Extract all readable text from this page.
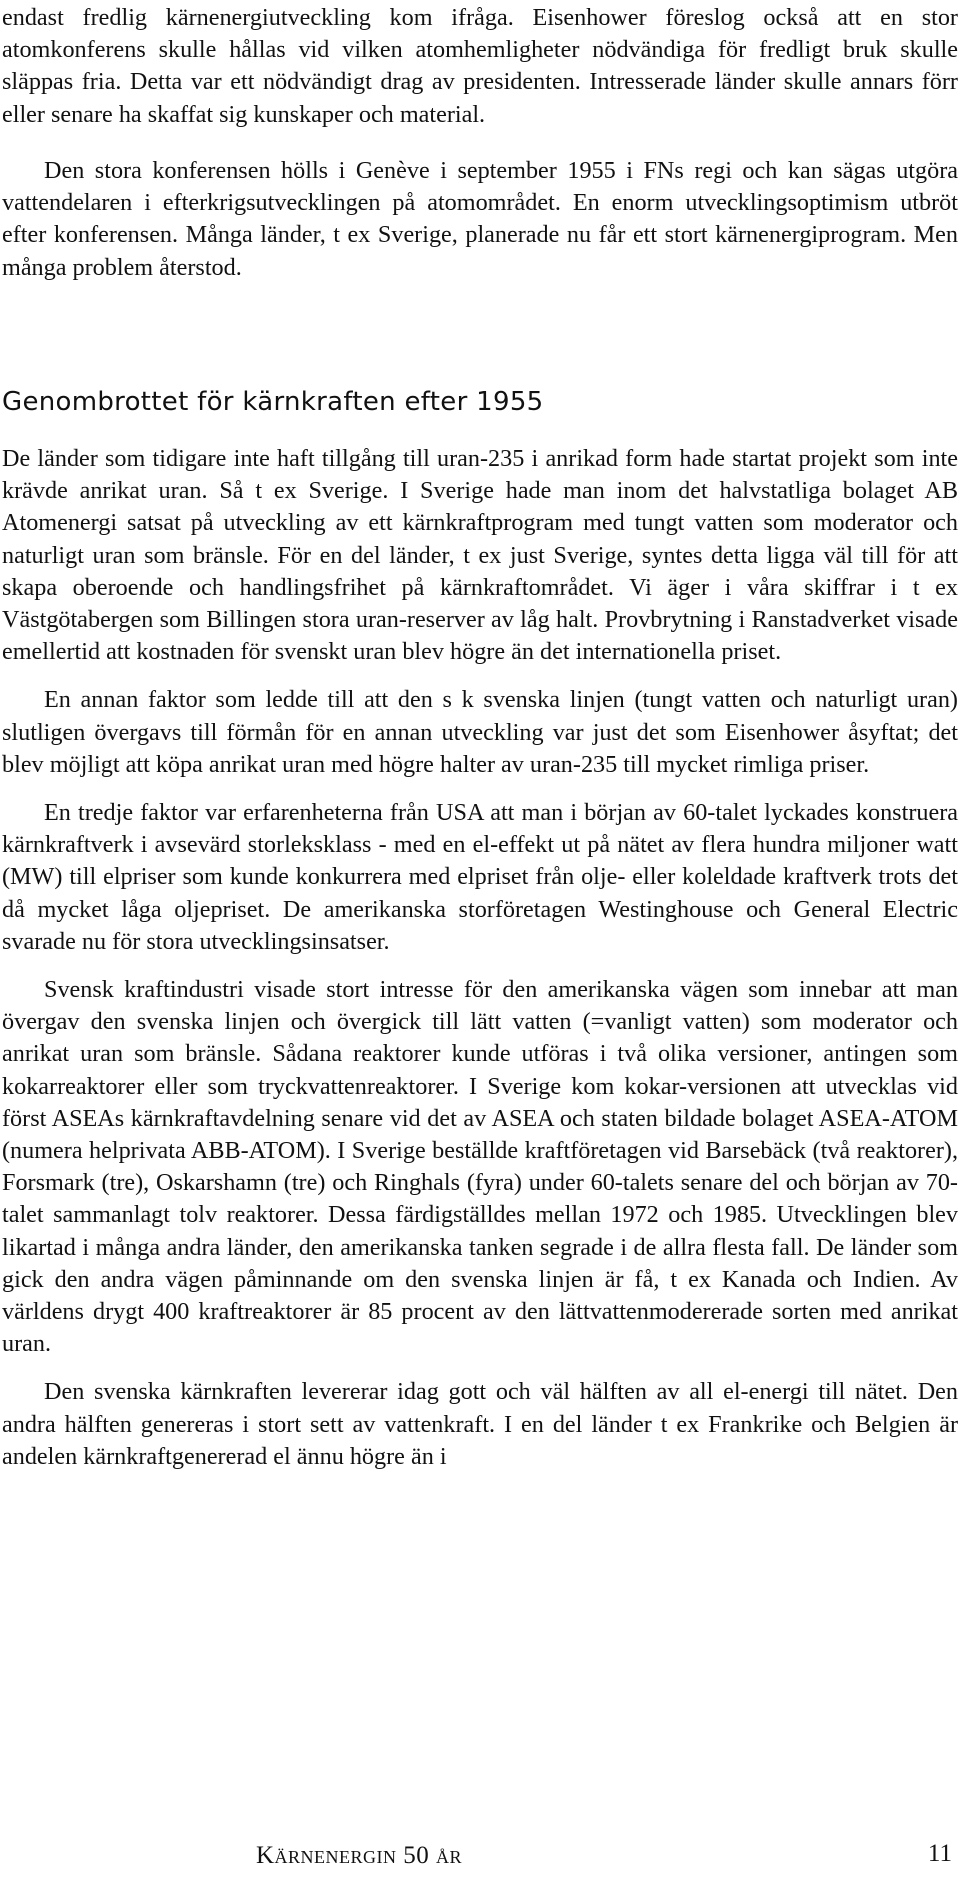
endast fredlig kärnenergiutveckling kom ifråga. Eisenhower föreslog också att en stor atomkonferens skulle hållas vid vilken atomhemligheter nödvändiga för fredligt bruk skulle släppas fria. Detta var ett nödvändigt drag av presidenten. Intresserade länder skulle annars förr eller senare ha skaffat sig kunskaper och material.

Den stora konferensen hölls i Genève i september 1955 i FNs regi och kan sägas utgöra vattendelaren i efterkrigsutvecklingen på atomområdet. En enorm utvecklingsoptimism utbröt efter konferensen. Många länder, t ex Sverige, planerade nu får ett stort kärnenergiprogram. Men många problem återstod.

Genombrottet för kärnkraften efter 1955

De länder som tidigare inte haft tillgång till uran-235 i anrikad form hade startat projekt som inte krävde anrikat uran. Så t ex Sverige. I Sverige hade man inom det halvstatliga bolaget AB Atomenergi satsat på utveckling av ett kärnkraftprogram med tungt vatten som moderator och naturligt uran som bränsle. För en del länder, t ex just Sverige, syntes detta ligga väl till för att skapa oberoende och handlingsfrihet på kärnkraftområdet. Vi äger i våra skiffrar i t ex Västgötabergen som Billingen stora uran-reserver av låg halt. Provbrytning i Ranstadverket visade emellertid att kostnaden för svenskt uran blev högre än det internationella priset.

En annan faktor som ledde till att den s k svenska linjen (tungt vatten och naturligt uran) slutligen övergavs till förmån för en annan utveckling var just det som Eisenhower åsyftat; det blev möjligt att köpa anrikat uran med högre halter av uran-235 till mycket rimliga priser.

En tredje faktor var erfarenheterna från USA att man i början av 60-talet lyckades konstruera kärnkraftverk i avsevärd storleksklass - med en el-effekt ut på nätet av flera hundra miljoner watt (MW) till elpriser som kunde konkurrera med elpriset från olje- eller koleldade kraftverk trots det då mycket låga oljepriset. De amerikanska storföretagen Westinghouse och General Electric svarade nu för stora utvecklingsinsatser.

Svensk kraftindustri visade stort intresse för den amerikanska vägen som innebar att man övergav den svenska linjen och övergick till lätt vatten (=vanligt vatten) som moderator och anrikat uran som bränsle. Sådana reaktorer kunde utföras i två olika versioner, antingen som kokarreaktorer eller som tryckvattenreaktorer. I Sverige kom kokar-versionen att utvecklas vid först ASEAs kärnkraftavdelning senare vid det av ASEA och staten bildade bolaget ASEA-ATOM (numera helprivata ABB-ATOM). I Sverige beställde kraftföretagen vid Barsebäck (två reaktorer), Forsmark (tre), Oskarshamn (tre) och Ringhals (fyra) under 60-talets senare del och början av 70-talet sammanlagt tolv reaktorer. Dessa färdigställdes mellan 1972 och 1985. Utvecklingen blev likartad i många andra länder, den amerikanska tanken segrade i de allra flesta fall. De länder som gick den andra vägen påminnande om den svenska linjen är få, t ex Kanada och Indien. Av världens drygt 400 kraftreaktorer är 85 procent av den lättvattenmodererade sorten med anrikat uran.

Den svenska kärnkraften levererar idag gott och väl hälften av all el-energi till nätet. Den andra hälften genereras i stort sett av vattenkraft. I en del länder t ex Frankrike och Belgien är andelen kärnkraftgenererad el ännu högre än i

Kärnenergin 50 år	11
